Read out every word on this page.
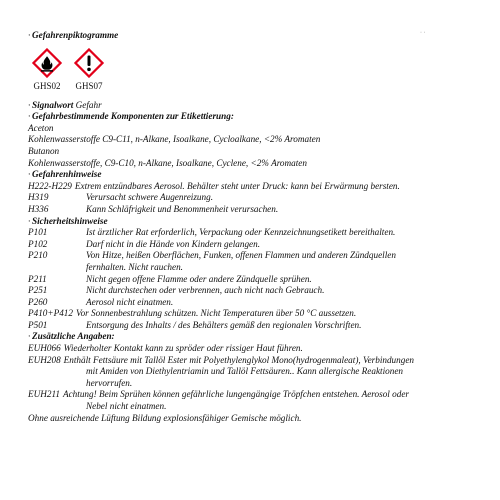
· ·
· Gefahrenpiktogramme
GHS02	GHS07
· Signalwort Gefahr
· Gefahrbestimmende Komponenten zur Etikettierung:
Aceton
Kohlenwasserstoffe C9-C11, n-Alkane, Isoalkane, Cycloalkane, <2% Aromaten
Butanon
Kohlenwasserstoffe, C9-C10, n-Alkane, Isoalkane, Cyclene, <2% Aromaten
· Gefahrenhinweise
H222-H229 Extrem entzündbares Aerosol. Behälter steht unter Druck: kann bei Erwärmung bersten.
H319	Verursacht schwere Augenreizung.
H336	Kann Schläfrigkeit und Benommenheit verursachen.
· Sicherheitshinweise
P101	Ist ärztlicher Rat erforderlich, Verpackung oder Kennzeichnungsetikett bereithalten.
P102	Darf nicht in die Hände von Kindern gelangen.
P210	Von Hitze, heißen Oberflächen, Funken, offenen Flammen und anderen Zündquellen
fernhalten. Nicht rauchen.
P211	Nicht gegen offene Flamme oder andere Zündquelle sprühen.
P251	Nicht durchstechen oder verbrennen, auch nicht nach Gebrauch.
P260	Aerosol nicht einatmen.
P410+P412 Vor Sonnenbestrahlung schützen. Nicht Temperaturen über 50 °C aussetzen.
P501	Entsorgung des Inhalts / des Behälters gemäß den regionalen Vorschriften.
· Zusätzliche Angaben:
EUH066 Wiederholter Kontakt kann zu spröder oder rissiger Haut führen.
EUH208 Enthält Fettsäure mit Tallöl Ester mit Polyethylenglykol Mono(hydrogenmaleat), Verbindungen
mit Amiden von Diethylentriamin und Tallöl Fettsäuren.. Kann allergische Reaktionen
hervorrufen.
EUH211 Achtung! Beim Sprühen können gefährliche lungengängige Tröpfchen entstehen. Aerosol oder
Nebel nicht einatmen.
Ohne ausreichende Lüftung Bildung explosionsfähiger Gemische möglich.
